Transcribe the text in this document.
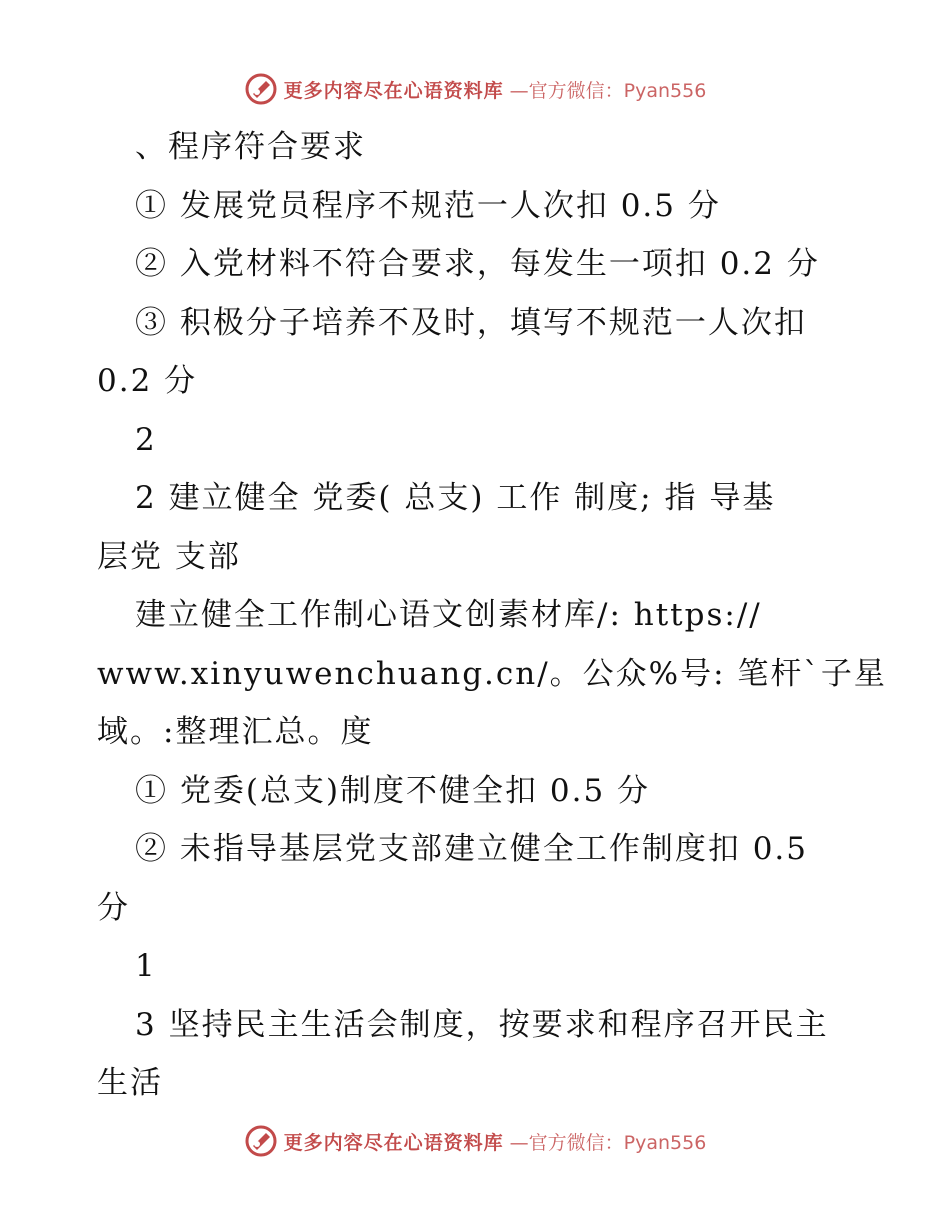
更多内容尽在心语资料库 —官方微信：Pyan556
、程序符合要求
① 发展党员程序不规范一人次扣 0.5 分
② 入党材料不符合要求，每发生一项扣 0.2 分
③ 积极分子培养不及时，填写不规范一人次扣
0.2 分
2
2 建立健全 党委( 总支) 工作 制度; 指 导基
层党 支部
建立健全工作制心语文创素材库/: https://
www.xinyuwenchuang.cn/。公众%号: 笔杆`子星
域。:整理汇总。度
① 党委(总支)制度不健全扣 0.5 分
② 未指导基层党支部建立健全工作制度扣 0.5
分
1
3 坚持民主生活会制度，按要求和程序召开民主
生活
更多内容尽在心语资料库 —官方微信：Pyan556
